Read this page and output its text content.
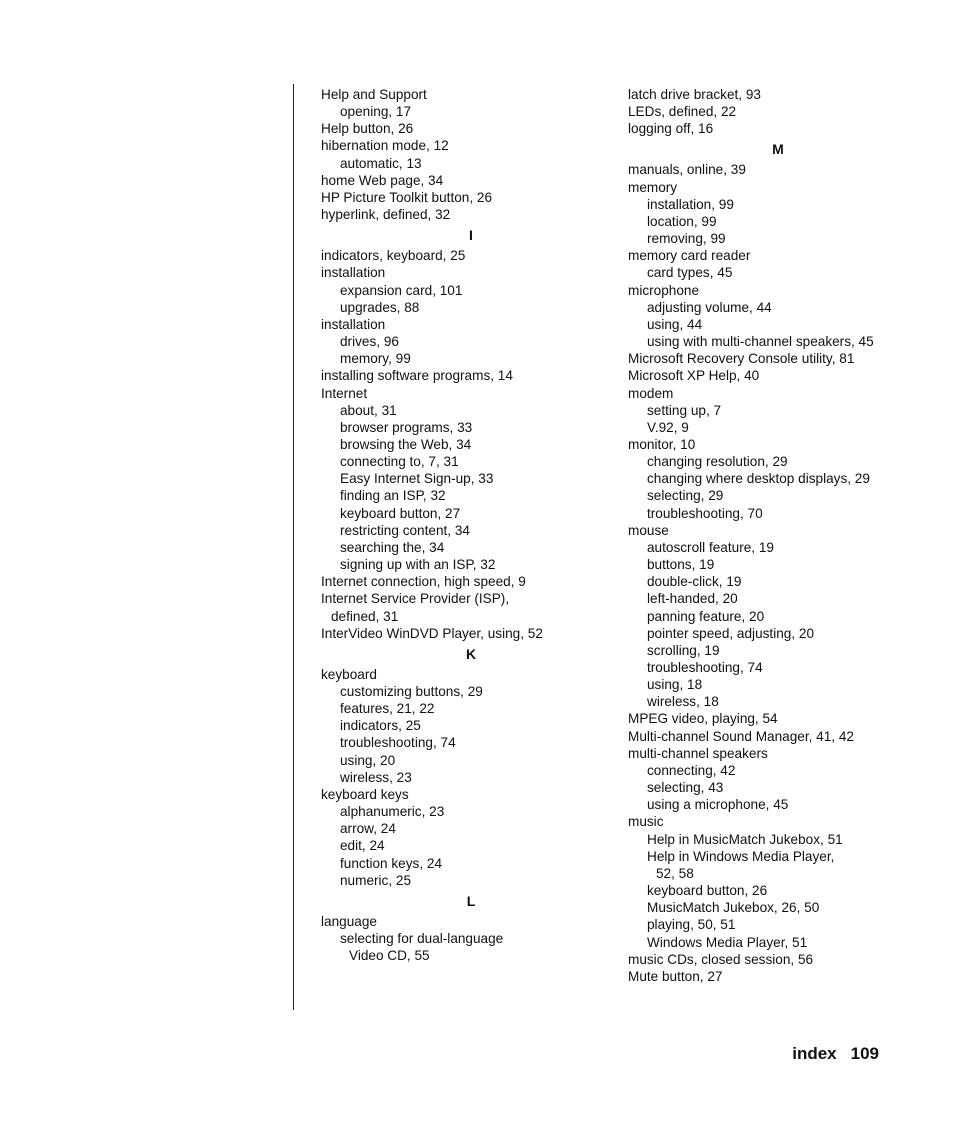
Help and Support
opening, 17
Help button, 26
hibernation mode, 12
automatic, 13
home Web page, 34
HP Picture Toolkit button, 26
hyperlink, defined, 32
I
indicators, keyboard, 25
installation
expansion card, 101
upgrades, 88
installation
drives, 96
memory, 99
installing software programs, 14
Internet
about, 31
browser programs, 33
browsing the Web, 34
connecting to, 7, 31
Easy Internet Sign-up, 33
finding an ISP, 32
keyboard button, 27
restricting content, 34
searching the, 34
signing up with an ISP, 32
Internet connection, high speed, 9
Internet Service Provider (ISP),
defined, 31
InterVideo WinDVD Player, using, 52
K
keyboard
customizing buttons, 29
features, 21, 22
indicators, 25
troubleshooting, 74
using, 20
wireless, 23
keyboard keys
alphanumeric, 23
arrow, 24
edit, 24
function keys, 24
numeric, 25
L
language
selecting for dual-language
Video CD, 55
latch drive bracket, 93
LEDs, defined, 22
logging off, 16
M
manuals, online, 39
memory
installation, 99
location, 99
removing, 99
memory card reader
card types, 45
microphone
adjusting volume, 44
using, 44
using with multi-channel speakers, 45
Microsoft Recovery Console utility, 81
Microsoft XP Help, 40
modem
setting up, 7
V.92, 9
monitor, 10
changing resolution, 29
changing where desktop displays, 29
selecting, 29
troubleshooting, 70
mouse
autoscroll feature, 19
buttons, 19
double-click, 19
left-handed, 20
panning feature, 20
pointer speed, adjusting, 20
scrolling, 19
troubleshooting, 74
using, 18
wireless, 18
MPEG video, playing, 54
Multi-channel Sound Manager, 41, 42
multi-channel speakers
connecting, 42
selecting, 43
using a microphone, 45
music
Help in MusicMatch Jukebox, 51
Help in Windows Media Player,
52, 58
keyboard button, 26
MusicMatch Jukebox, 26, 50
playing, 50, 51
Windows Media Player, 51
music CDs, closed session, 56
Mute button, 27
index 109
